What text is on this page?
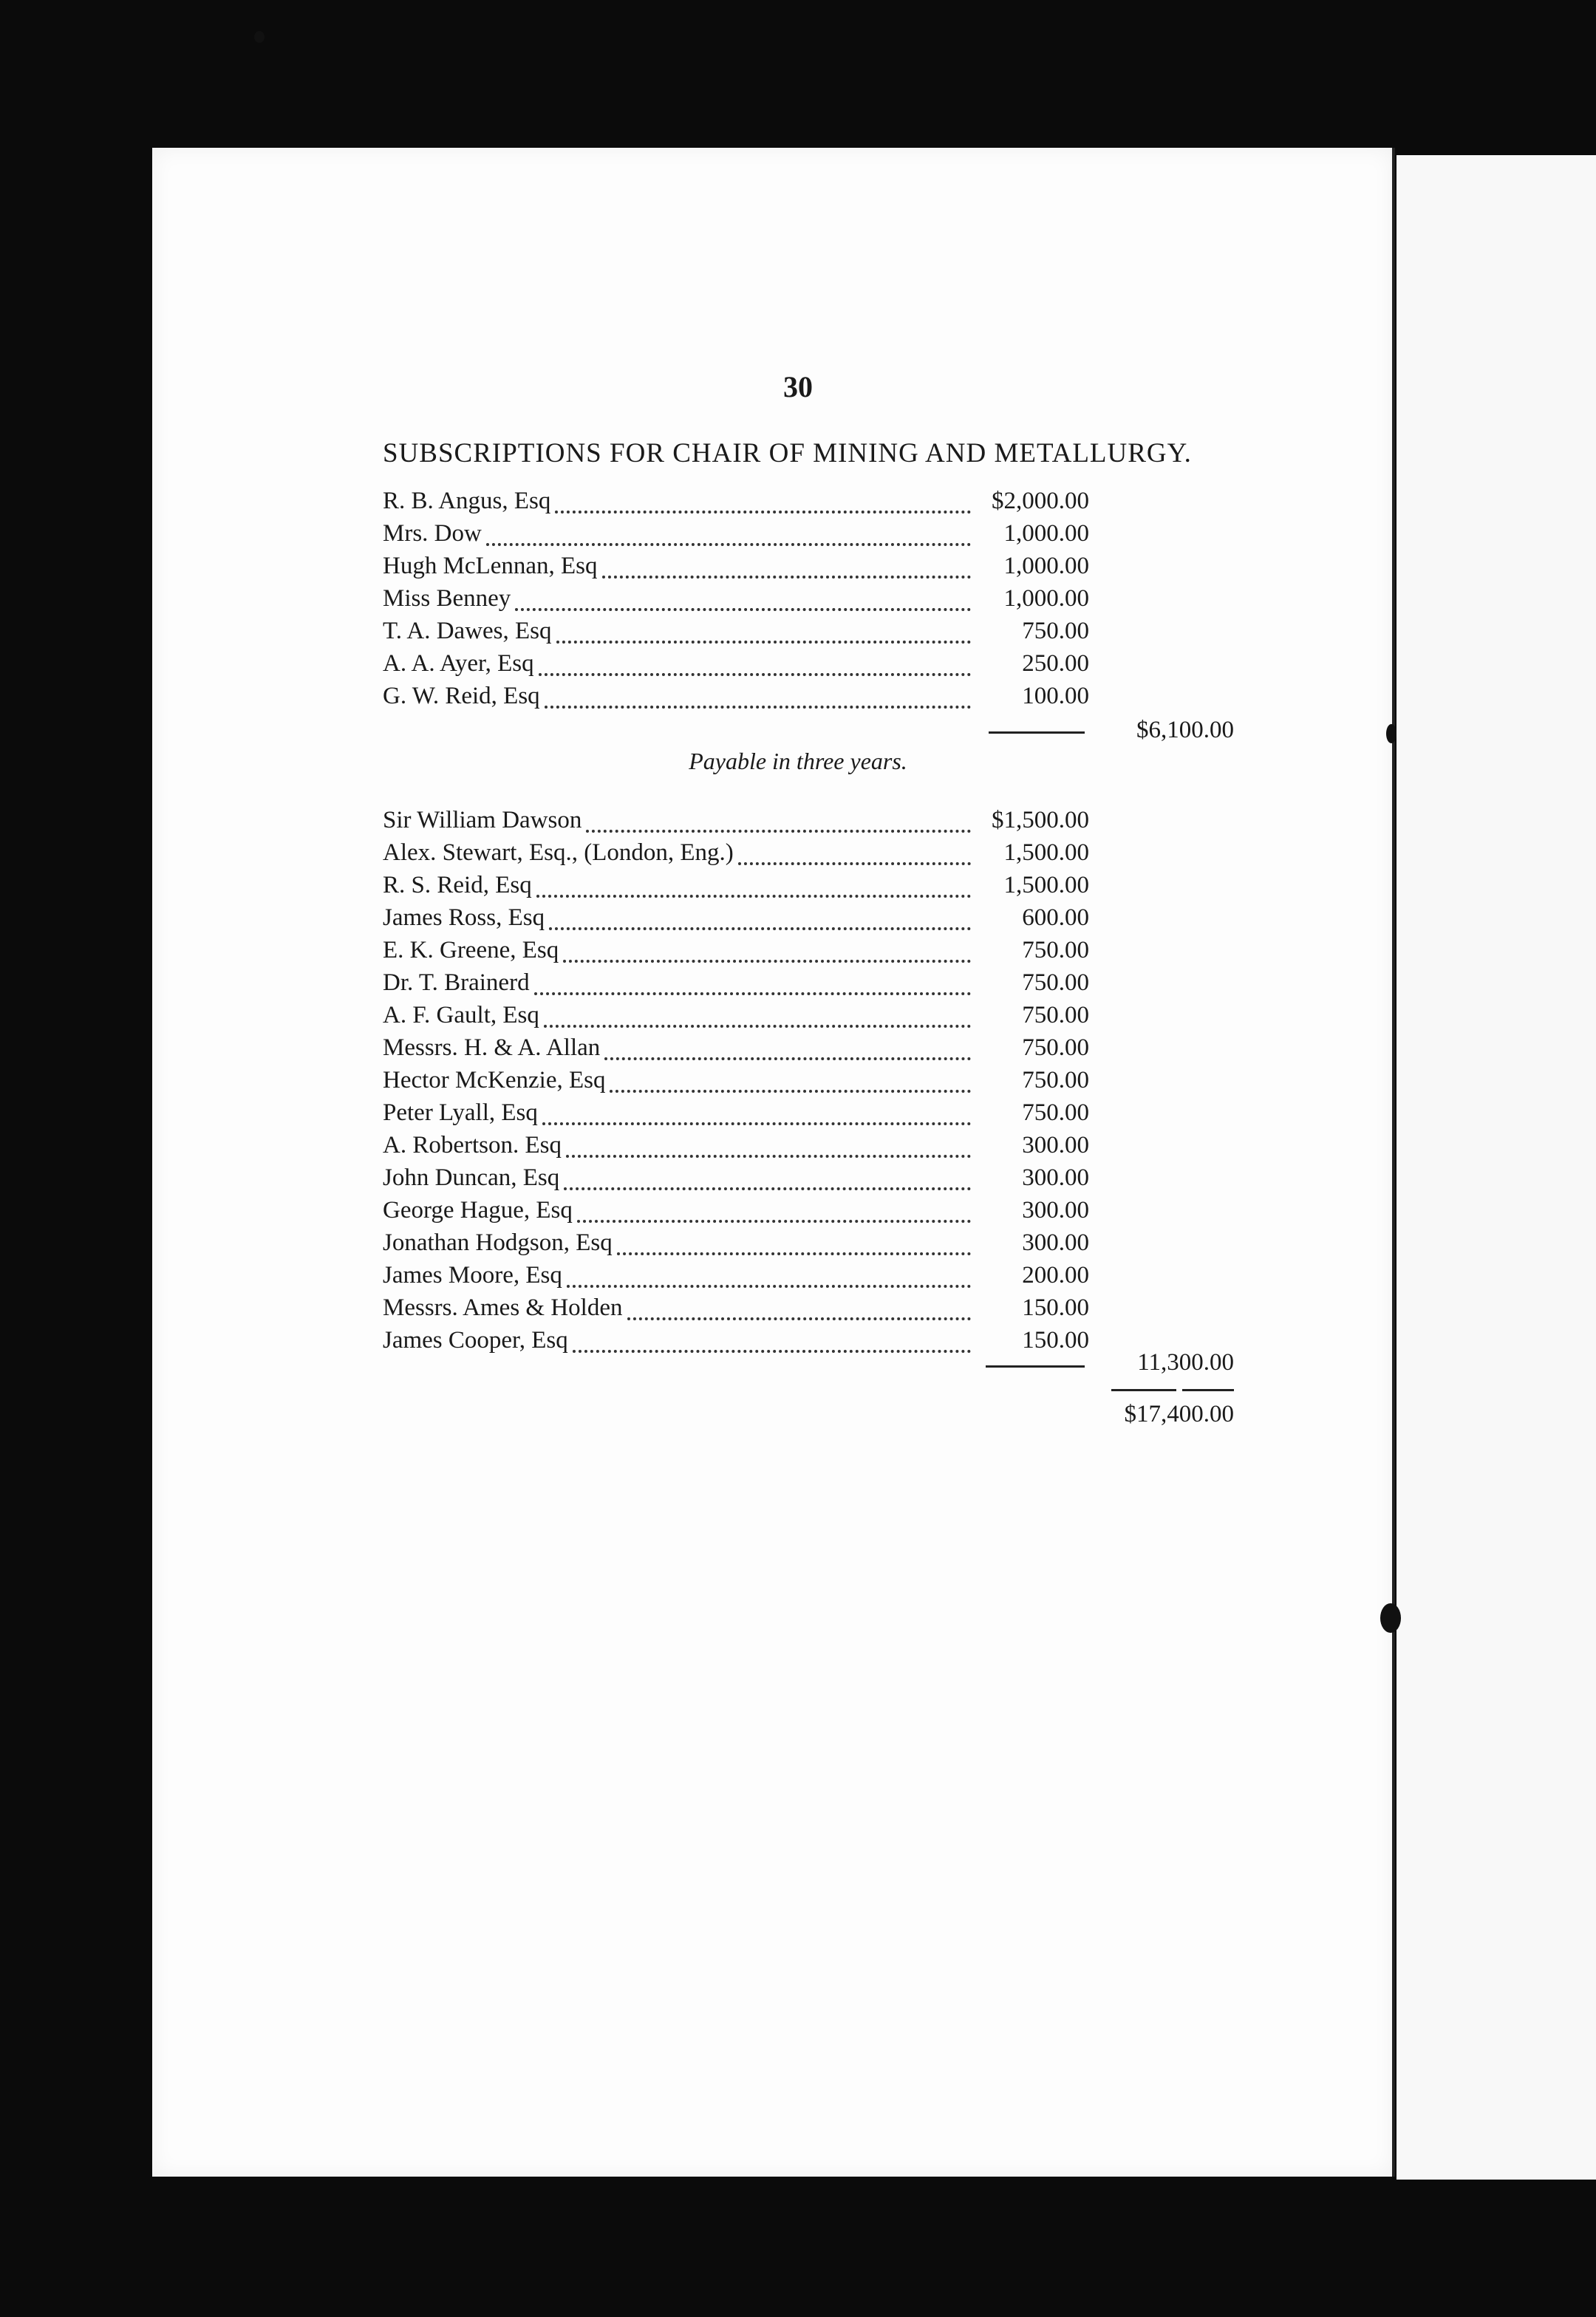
30
SUBSCRIPTIONS FOR CHAIR OF MINING AND METALLURGY.
R. B. Angus, Esq	$2,000.00
Mrs. Dow	1,000.00
Hugh McLennan, Esq	1,000.00
Miss Benney	1,000.00
T. A. Dawes, Esq	750.00
A. A. Ayer, Esq	250.00
G. W. Reid, Esq	100.00
$6,100.00
Payable in three years.
Sir William Dawson	$1,500.00
Alex. Stewart, Esq., (London, Eng.)	1,500.00
R. S. Reid, Esq	1,500.00
James Ross, Esq	600.00
E. K. Greene, Esq	750.00
Dr. T. Brainerd	750.00
A. F. Gault, Esq	750.00
Messrs. H. & A. Allan	750.00
Hector McKenzie, Esq	750.00
Peter Lyall, Esq	750.00
A. Robertson. Esq	300.00
John Duncan, Esq	300.00
George Hague, Esq	300.00
Jonathan Hodgson, Esq	300.00
James Moore, Esq	200.00
Messrs. Ames & Holden	150.00
James Cooper, Esq	150.00
11,300.00
$17,400.00
